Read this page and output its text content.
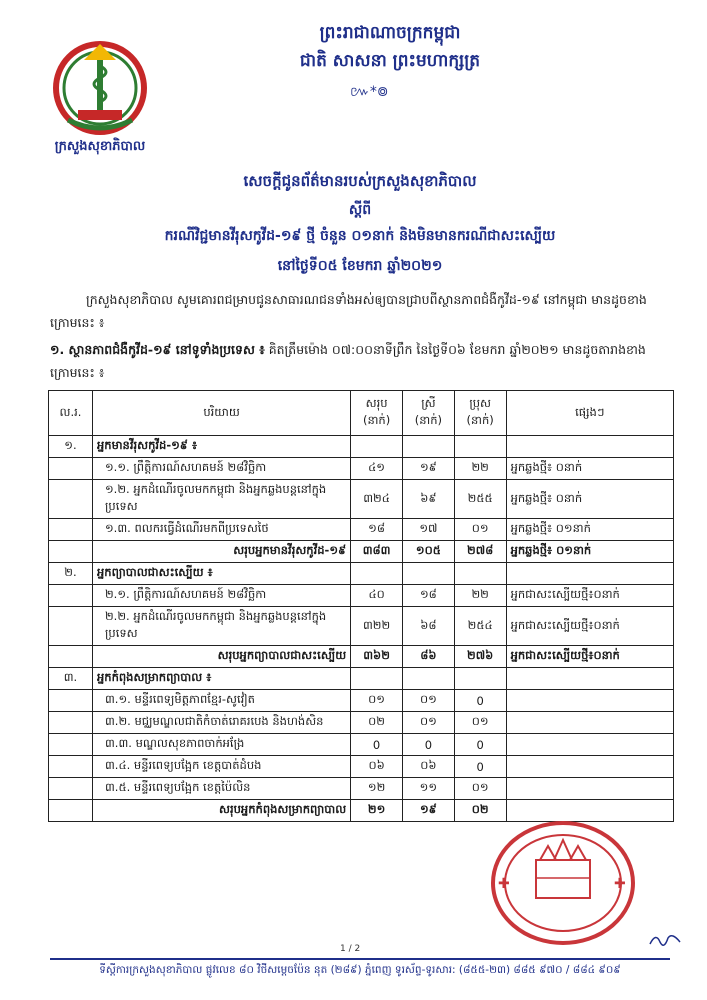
ក្រសួងសុខាភិបាល
ព្រះរាជាណាចក្រកម្ពុជា
ជាតិ សាសនា ព្រះមហាក្សត្រ
៚*៙
សេចក្តីជូនព័ត៌មានរបស់ក្រសួងសុខាភិបាល
ស្តីពី
ករណីវិជ្ជមានវីរុសកូវីដ-១៩ ថ្មី ចំនួន ០១នាក់ និងមិនមានករណីជាសះស្បើយ
នៅថ្ងៃទី០៥ ខែមករា ឆ្នាំ២០២១
ក្រសួងសុខាភិបាល សូមគោរពជម្រាបជូនសាធារណជនទាំងអស់ឲ្យបានជ្រាបពីស្ថានភាពជំងឺកូវីដ-១៩ នៅកម្ពុជា មានដូចខាងក្រោមនេះ ៖
១. ស្ថានភាពជំងឺកូវីដ-១៩ នៅទូទាំងប្រទេស ៖ គិតត្រឹមម៉ោង ០៧:០០នាទីព្រឹក នៃថ្ងៃទី០៦ ខែមករា ឆ្នាំ២០២១ មានដូចតារាងខាងក្រោមនេះ ៖
ល.រ.	បរិយាយ	សរុប (នាក់)	ស្រី (នាក់)	ប្រុស (នាក់)	ផ្សេងៗ
១.	អ្នកមានវីរុសកូវីដ-១៩ ៖				
	១.១. ព្រឹត្តិការណ៍សហគមន៍ ២៨វិច្ឆិកា	៤១	១៩	២២	អ្នកឆ្លងថ្មី៖ ០នាក់
	១.២. អ្នកដំណើរចូលមកកម្ពុជា និងអ្នកឆ្លងបន្តនៅក្នុងប្រទេស	៣២៤	៦៩	២៥៥	អ្នកឆ្លងថ្មី៖ ០នាក់
	១.៣. ពលករធ្វើដំណើរមកពីប្រទេសថៃ	១៨	១៧	០១	អ្នកឆ្លងថ្មី៖ ០១នាក់
	សរុបអ្នកមានវីរុសកូវីដ-១៩	៣៨៣	១០៥	២៧៨	អ្នកឆ្លងថ្មី៖ ០១នាក់
២.	អ្នកព្យាបាលជាសះស្បើយ ៖				
	២.១. ព្រឹត្តិការណ៍សហគមន៍ ២៨វិច្ឆិកា	៤០	១៨	២២	អ្នកជាសះស្បើយថ្មី៖០នាក់
	២.២. អ្នកដំណើរចូលមកកម្ពុជា និងអ្នកឆ្លងបន្តនៅក្នុងប្រទេស	៣២២	៦៨	២៥៤	អ្នកជាសះស្បើយថ្មី៖០នាក់
	សរុបអ្នកព្យាបាលជាសះស្បើយ	៣៦២	៨៦	២៧៦	អ្នកជាសះស្បើយថ្មី៖០នាក់
៣.	អ្នកកំពុងសម្រាកព្យាបាល ៖				
	៣.១. មន្ទីរពេទ្យមិត្តភាពខ្មែរ-សូវៀត	០១	០១	0	
	៣.២. មជ្ឈមណ្ឌលជាតិកំចាត់រោគរបេង និងហង់សិន	០២	០១	០១	
	៣.៣. មណ្ឌលសុខភាពចាក់អង្រែ	0	0	0	
	៣.៤. មន្ទីរពេទ្យបង្អែក ខេត្តបាត់ដំបង	០៦	០៦	0	
	៣.៥. មន្ទីរពេទ្យបង្អែក ខេត្តប៉ៃលិន	១២	១១	០១	
	សរុបអ្នកកំពុងសម្រាកព្យាបាល	២១	១៩	០២	
✚	✚
1 / 2
ទីស្តីការក្រសួងសុខាភិបាល ផ្លូវលេខ ៨០ វិថីសម្តេចប៉ែន នុត (២៨៩) ភ្នំពេញ ទូរស័ព្ទ-ទូរសារ: (៨៥៥-២៣) ៨៨៥ ៩៧០ / ៨៨៤ ៩០៩
